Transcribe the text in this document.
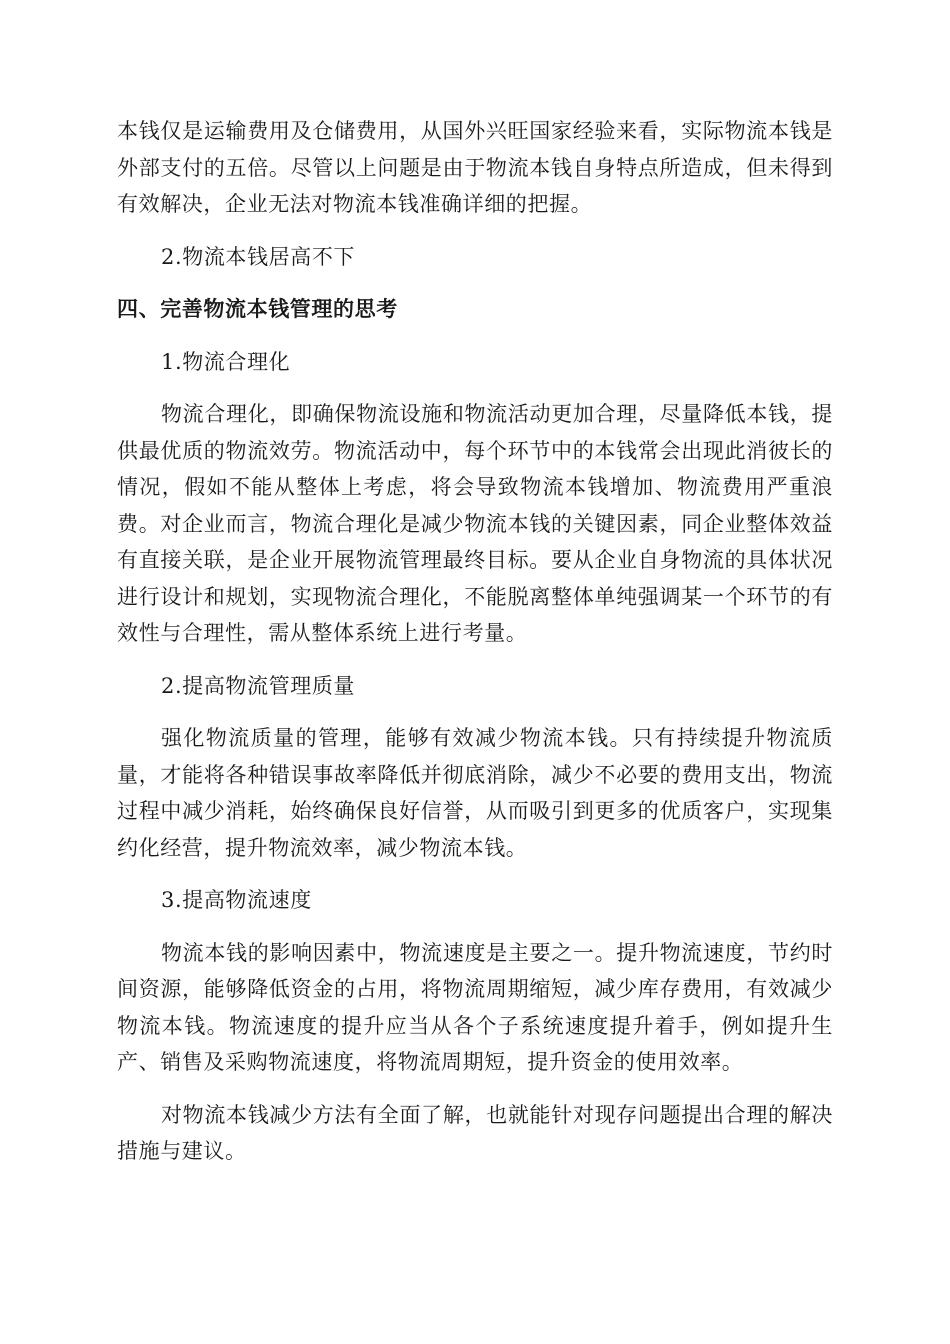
本钱仅是运输费用及仓储费用，从国外兴旺国家经验来看，实际物流本钱是外部支付的五倍。尽管以上问题是由于物流本钱自身特点所造成，但未得到有效解决，企业无法对物流本钱准确详细的把握。

2.物流本钱居高不下

四、完善物流本钱管理的思考

1.物流合理化

物流合理化，即确保物流设施和物流活动更加合理，尽量降低本钱，提供最优质的物流效劳。物流活动中，每个环节中的本钱常会出现此消彼长的情况，假如不能从整体上考虑，将会导致物流本钱增加、物流费用严重浪费。对企业而言，物流合理化是减少物流本钱的关键因素，同企业整体效益有直接关联，是企业开展物流管理最终目标。要从企业自身物流的具体状况进行设计和规划，实现物流合理化，不能脱离整体单纯强调某一个环节的有效性与合理性，需从整体系统上进行考量。

2.提高物流管理质量

强化物流质量的管理，能够有效减少物流本钱。只有持续提升物流质量，才能将各种错误事故率降低并彻底消除，减少不必要的费用支出，物流过程中减少消耗，始终确保良好信誉，从而吸引到更多的优质客户，实现集约化经营，提升物流效率，减少物流本钱。

3.提高物流速度

物流本钱的影响因素中，物流速度是主要之一。提升物流速度，节约时间资源，能够降低资金的占用，将物流周期缩短，减少库存费用，有效减少物流本钱。物流速度的提升应当从各个子系统速度提升着手，例如提升生产、销售及采购物流速度，将物流周期短，提升资金的使用效率。

对物流本钱减少方法有全面了解，也就能针对现存问题提出合理的解决措施与建议。
